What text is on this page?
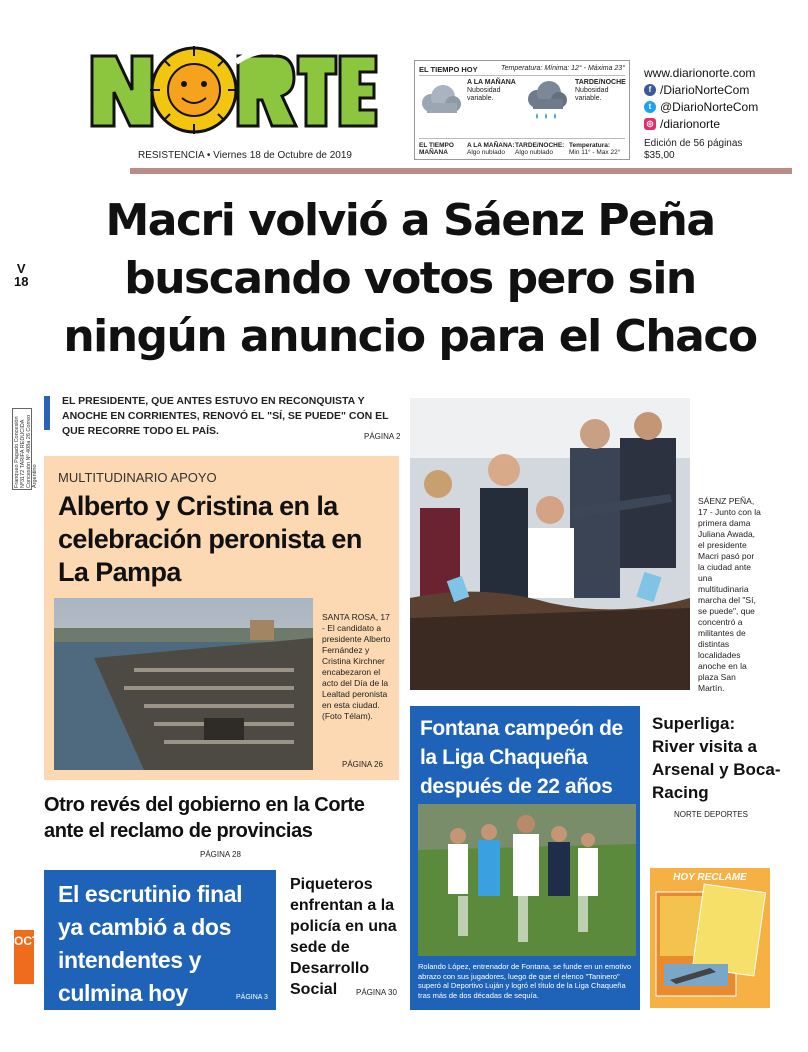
RESISTENCIA • Viernes 18 de Octubre de 2019
EL TIEMPO HOY	Temperatura: Mínima: 12° - Máxima 23°
A LA MAÑANA
Nubosidad variable.
TARDE/NOCHE
Nubosidad variable.
EL TIEMPO MAÑANA
A LA MAÑANA:
Algo nublado
TARDE/NOCHE:
Algo nublado
Temperatura:
Min 11° - Max 22°
www.diarionorte.com
f /DiarioNorteCom
t @DiarioNorteCom
◎ /diarionorte
Edición de 56 páginas
$35,00
Macri volvió a Sáenz Peña buscando votos pero sin ningún anuncio para el Chaco
V
18
Franqueo Pagado Concesión Nº3172 TARIFA REDUCIDA Concesión Nº 408a 26 Correo Argentino
EL PRESIDENTE, QUE ANTES ESTUVO EN RECONQUISTA Y ANOCHE EN CORRIENTES, RENOVÓ EL "SÍ, SE PUEDE" CON EL QUE RECORRE TODO EL PAÍS.	PÁGINA 2
MULTITUDINARIO APOYO
Alberto y Cristina en la celebración peronista en La Pampa
SANTA ROSA, 17 - El candidato a presidente Alberto Fernández y Cristina Kirchner encabezaron el acto del Día de la Lealtad peronista en esta ciudad. (Foto Télam).
PÁGINA 26
SÁENZ PEÑA, 17 - Junto con la primera dama Juliana Awada, el presidente Macri pasó por la ciudad ante una multitudinaria marcha del "Sí, se puede", que concentró a militantes de distintas localidades anoche en la plaza San Martín.
Otro revés del gobierno en la Corte ante el reclamo de provincias
PÁGINA 28
El escrutinio final ya cambió a dos intendentes y culmina hoy	PÁGINA 3
OCT
Piqueteros enfrentan a la policía en una sede de Desarrollo Social	PÁGINA 30
Fontana campeón de la Liga Chaqueña después de 22 años
Rolando López, entrenador de Fontana, se funde en un emotivo abrazo con sus jugadores, luego de que el elenco "Taninero" superó al Deportivo Luján y logró el título de la Liga Chaqueña tras más de dos décadas de sequía.
Superliga: River visita a Arsenal y Boca-Racing
NORTE DEPORTES
HOY RECLAME
